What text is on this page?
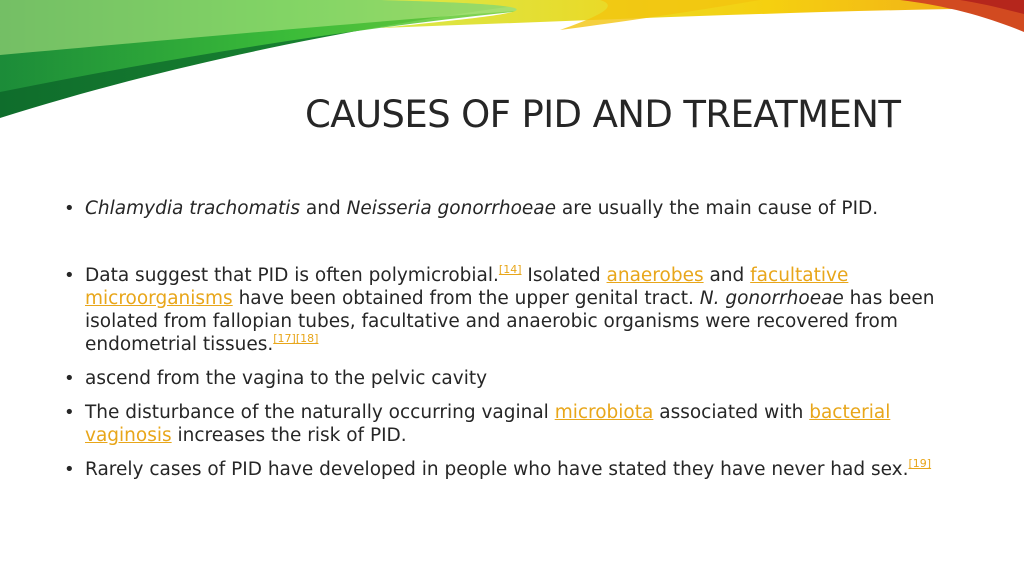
CAUSES OF PID AND TREATMENT

• Chlamydia trachomatis and Neisseria gonorrhoeae are usually the main cause of PID.

• Data suggest that PID is often polymicrobial.[14] Isolated anaerobes and facultative microorganisms have been obtained from the upper genital tract. N. gonorrhoeae has been isolated from fallopian tubes, facultative and anaerobic organisms were recovered from endometrial tissues.[17][18]

• ascend from the vagina to the pelvic cavity

• The disturbance of the naturally occurring vaginal microbiota associated with bacterial vaginosis increases the risk of PID.

• Rarely cases of PID have developed in people who have stated they have never had sex.[19]
